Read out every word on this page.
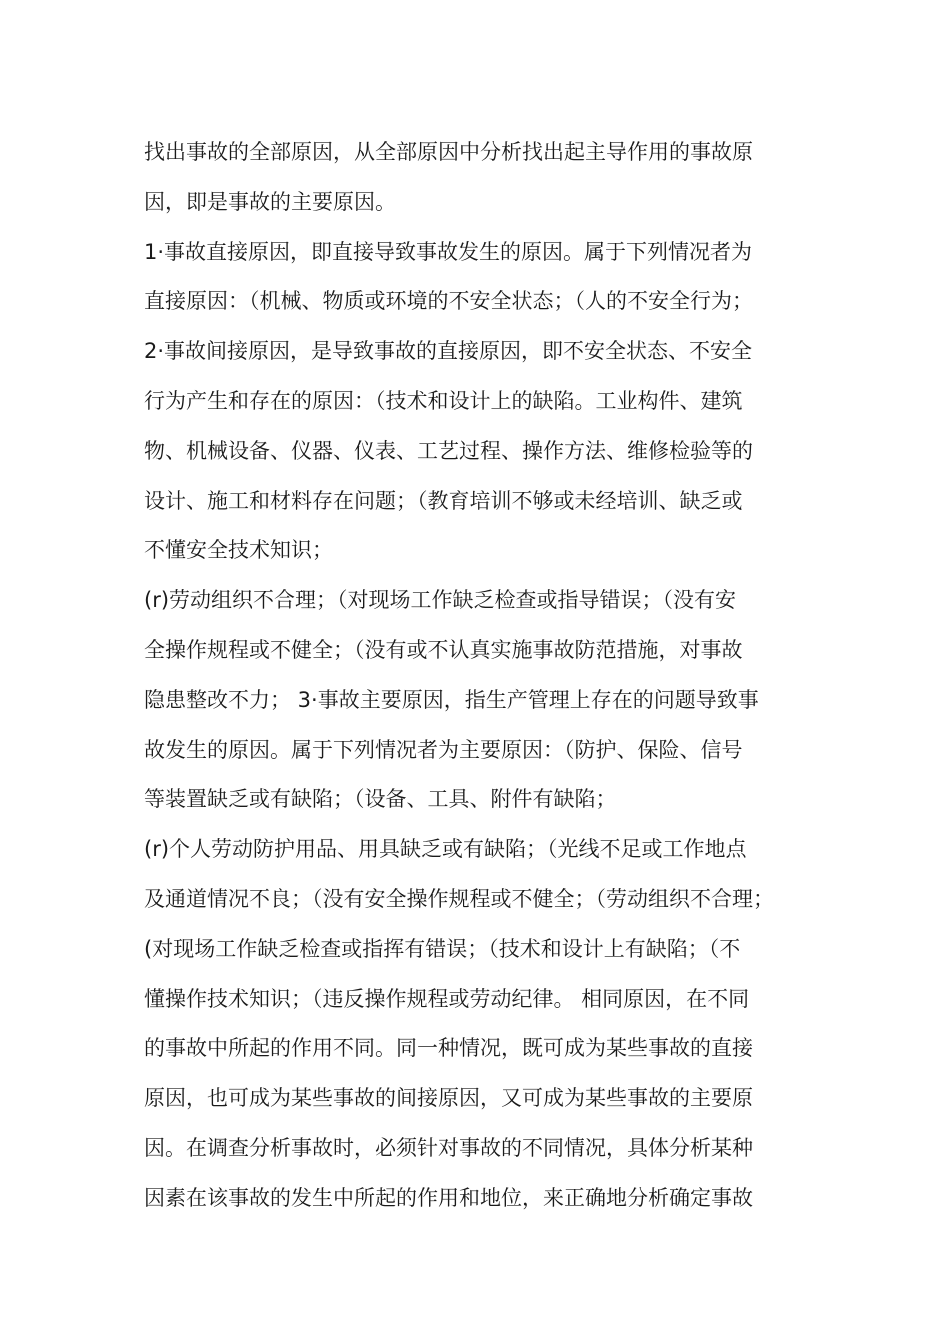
找出事故的全部原因，从全部原因中分析找出起主导作用的事故原
因，即是事故的主要原因。
1·事故直接原因，即直接导致事故发生的原因。属于下列情况者为
直接原因：（机械、物质或环境的不安全状态；（人的不安全行为；
2·事故间接原因，是导致事故的直接原因，即不安全状态、不安全
行为产生和存在的原因：（技术和设计上的缺陷。工业构件、建筑
物、机械设备、仪器、仪表、工艺过程、操作方法、维修检验等的
设计、施工和材料存在问题；（教育培训不够或未经培训、缺乏或
不懂安全技术知识；
(r)劳动组织不合理；（对现场工作缺乏检查或指导错误；（没有安
全操作规程或不健全；（没有或不认真实施事故防范措施，对事故
隐患整改不力； 3·事故主要原因，指生产管理上存在的问题导致事
故发生的原因。属于下列情况者为主要原因：（防护、保险、信号
等装置缺乏或有缺陷；（设备、工具、附件有缺陷；
(r)个人劳动防护用品、用具缺乏或有缺陷；（光线不足或工作地点
及通道情况不良；（没有安全操作规程或不健全；（劳动组织不合理；
(对现场工作缺乏检查或指挥有错误；（技术和设计上有缺陷；（不
懂操作技术知识；（违反操作规程或劳动纪律。 相同原因，在不同
的事故中所起的作用不同。同一种情况，既可成为某些事故的直接
原因，也可成为某些事故的间接原因，又可成为某些事故的主要原
因。在调查分析事故时，必须针对事故的不同情况，具体分析某种
因素在该事故的发生中所起的作用和地位，来正确地分析确定事故
